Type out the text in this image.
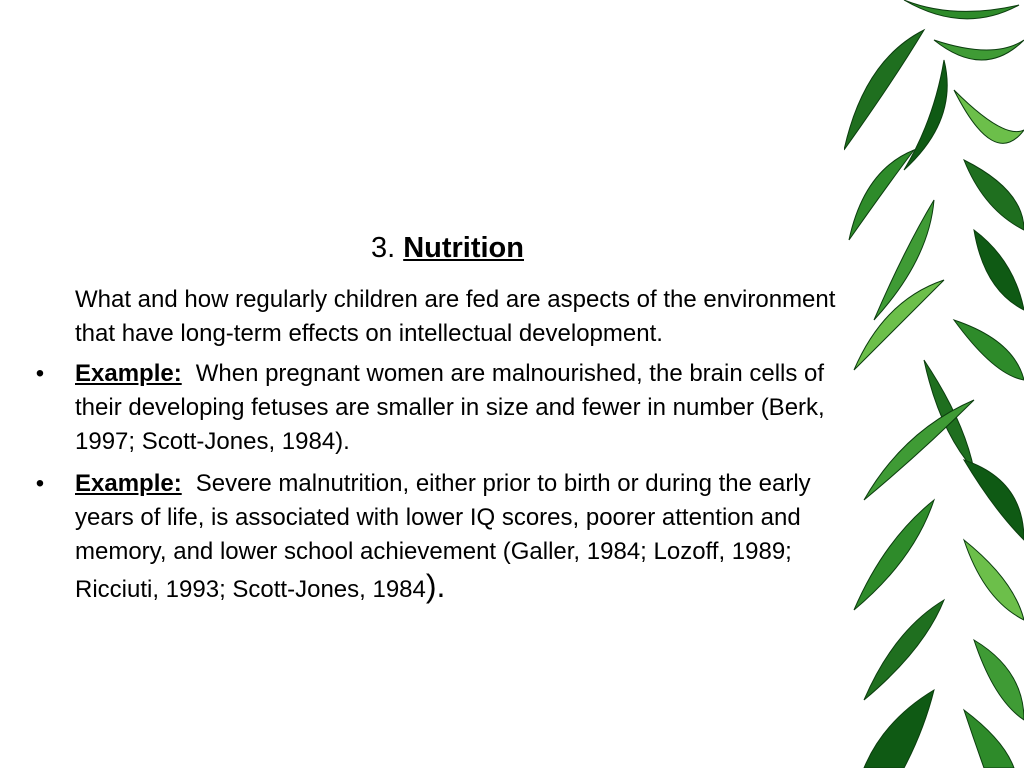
3. Nutrition

What and how regularly children are fed are aspects of the environment that have long-term effects on intellectual development.

• Example: When pregnant women are malnourished, the brain cells of their developing fetuses are smaller in size and fewer in number (Berk, 1997; Scott-Jones, 1984).
• Example: Severe malnutrition, either prior to birth or during the early years of life, is associated with lower IQ scores, poorer attention and memory, and lower school achievement (Galler, 1984; Lozoff, 1989; Ricciuti, 1993; Scott-Jones, 1984).
